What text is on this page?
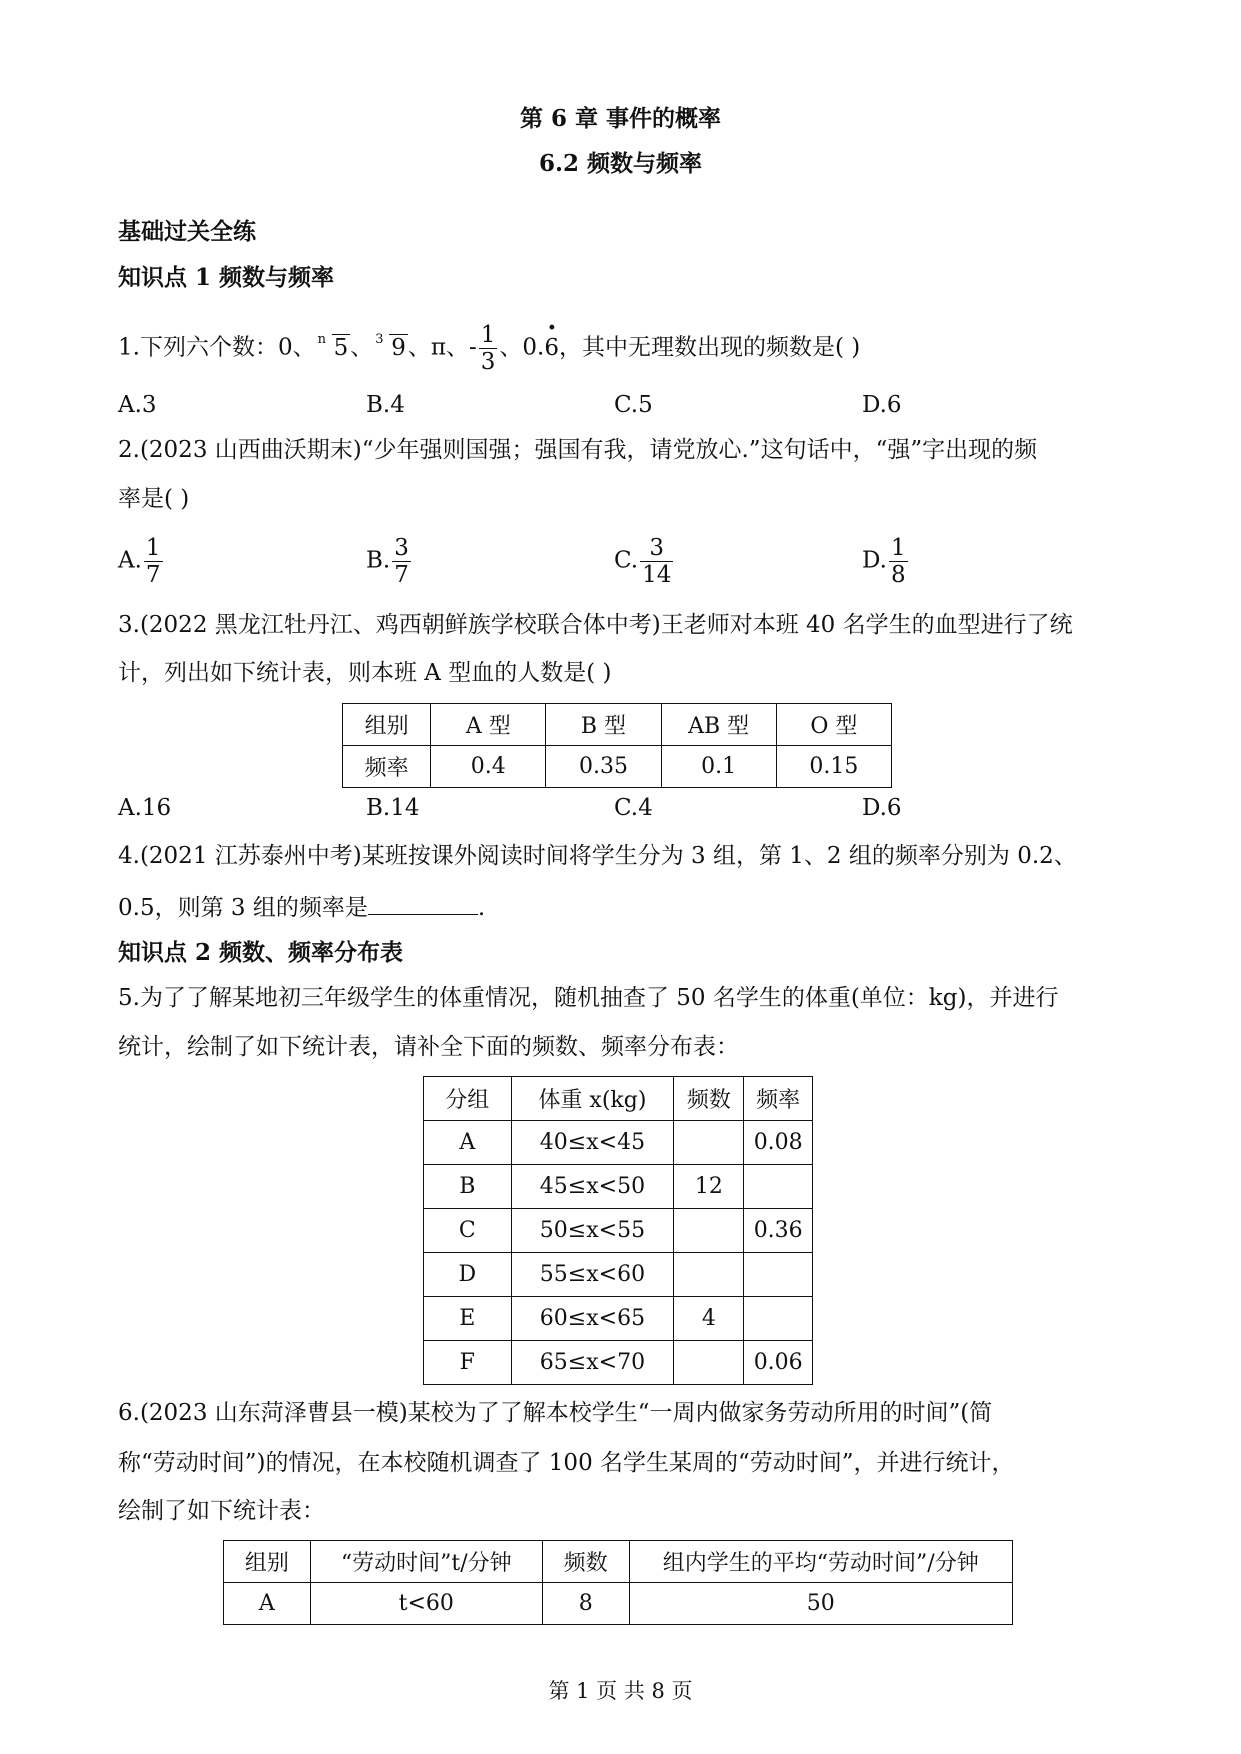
第 6 章 事件的概率
6.2 频数与频率
基础过关全练
知识点 1 频数与频率
1.下列六个数：0、 n 5、 3 9、π、- $\frac{1}{3}$ 、0.· 6，其中无理数出现的频数是( )
A.3	B.4	C.5	D.6
2.(2023 山西曲沃期末)“少年强则国强；强国有我，请党放心.”这句话中，“强”字出现的频
率是( )
A. $\frac{1}{7}$	B. $\frac{3}{7}$	C. $\frac{3}{14}$	D. $\frac{1}{8}$
3.(2022 黑龙江牡丹江、鸡西朝鲜族学校联合体中考)王老师对本班 40 名学生的血型进行了统
计，列出如下统计表，则本班 A 型血的人数是( )
组别	A 型	B 型	AB 型	O 型
频率	0.4	0.35	0.1	0.15
A.16	B.14	C.4	D.6
4.(2021 江苏泰州中考)某班按课外阅读时间将学生分为 3 组，第 1、2 组的频率分别为 0.2、
0.5，则第 3 组的频率是	.
知识点 2 频数、频率分布表
5.为了了解某地初三年级学生的体重情况，随机抽查了 50 名学生的体重(单位：kg)，并进行
统计，绘制了如下统计表，请补全下面的频数、频率分布表：
分组	体重 x(kg)	频数	频率
A	40≤x<45		0.08
B	45≤x<50	12	
C	50≤x<55		0.36
D	55≤x<60		
E	60≤x<65	4	
F	65≤x<70		0.06
6.(2023 山东菏泽曹县一模)某校为了了解本校学生“一周内做家务劳动所用的时间”(简
称“劳动时间”)的情况，在本校随机调查了 100 名学生某周的“劳动时间”，并进行统计，
绘制了如下统计表：
组别	“劳动时间”t/分钟	频数	组内学生的平均“劳动时间”/分钟
A	t<60	8	50
第 1 页 共 8 页
